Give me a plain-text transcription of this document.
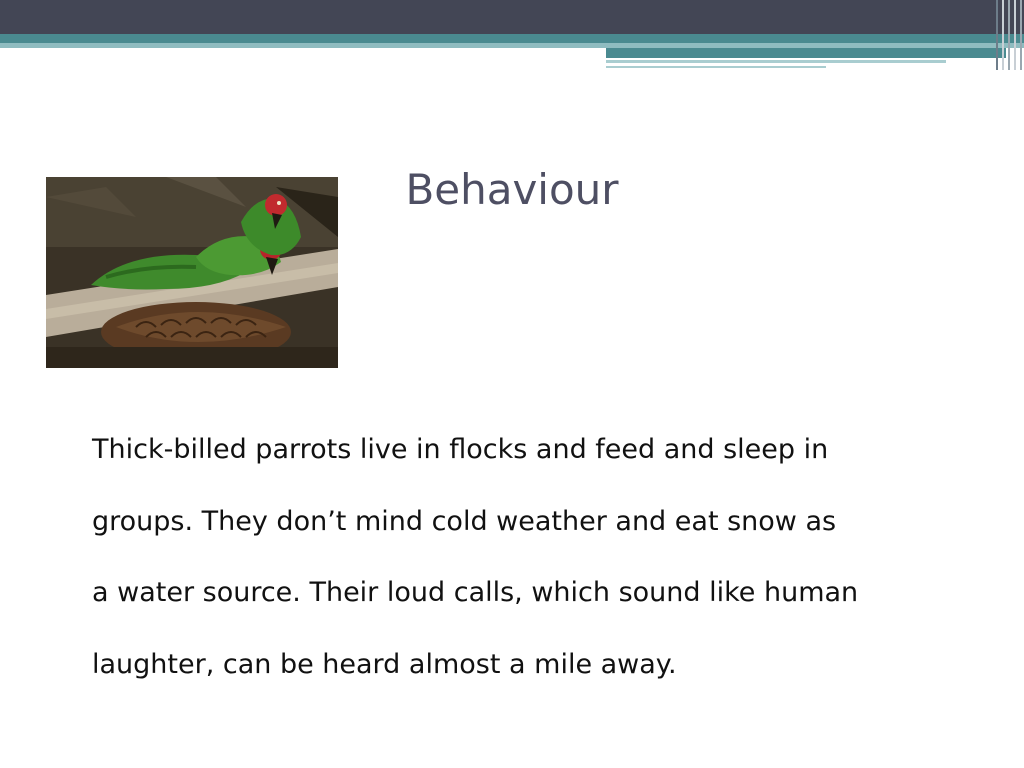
Behaviour

Thick-billed parrots live in flocks and feed and sleep in
groups. They don’t mind cold weather and eat snow as
a water source. Their loud calls, which sound like human
laughter, can be heard almost a mile away.
